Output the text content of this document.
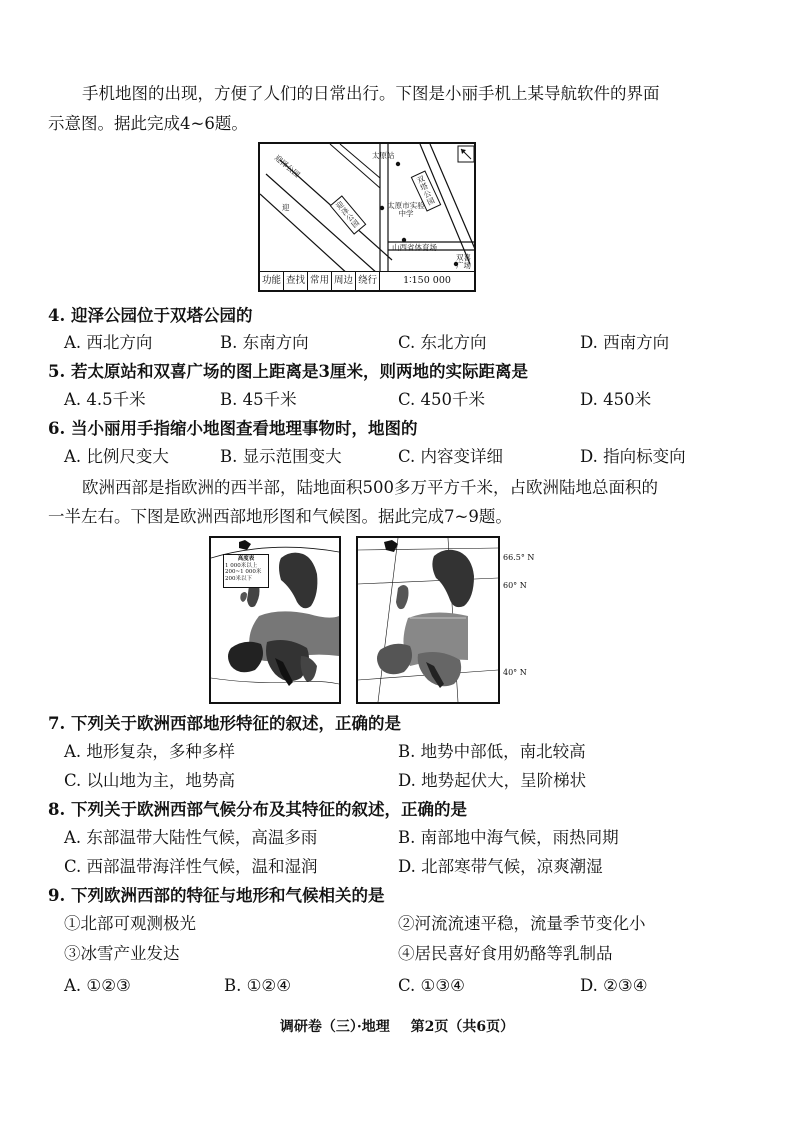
手机地图的出现，方便了人们的日常出行。下图是小丽手机上某导航软件的界面
示意图。据此完成4~6题。
迎泽公园
迎
太原站
迎泽公园
双塔公园
太原市实验中学
山西省体育场
双喜广场
功能 查找 常用 周边 绕行	1∶150 000
4. 迎泽公园位于双塔公园的
A. 西北方向	B. 东南方向	C. 东北方向	D. 西南方向
5. 若太原站和双喜广场的图上距离是3厘米，则两地的实际距离是
A. 4.5千米	B. 45千米	C. 450千米	D. 450米
6. 当小丽用手指缩小地图查看地理事物时，地图的
A. 比例尺变大	B. 显示范围变大	C. 内容变详细	D. 指向标变向
欧洲西部是指欧洲的西半部，陆地面积500多万平方千米，占欧洲陆地总面积的
一半左右。下图是欧洲西部地形图和气候图。据此完成7~9题。
高度表
1 000米以上
200~1 000米
200米以下
66.5° N
60° N
40° N
7. 下列关于欧洲西部地形特征的叙述，正确的是
A. 地形复杂，多种多样	B. 地势中部低，南北较高
C. 以山地为主，地势高	D. 地势起伏大，呈阶梯状
8. 下列关于欧洲西部气候分布及其特征的叙述，正确的是
A. 东部温带大陆性气候，高温多雨	B. 南部地中海气候，雨热同期
C. 西部温带海洋性气候，温和湿润	D. 北部寒带气候，凉爽潮湿
9. 下列欧洲西部的特征与地形和气候相关的是
①北部可观测极光	②河流流速平稳，流量季节变化小
③冰雪产业发达	④居民喜好食用奶酪等乳制品
A. ①②③	B. ①②④	C. ①③④	D. ②③④
调研卷（三）·地理 第2页（共6页）
